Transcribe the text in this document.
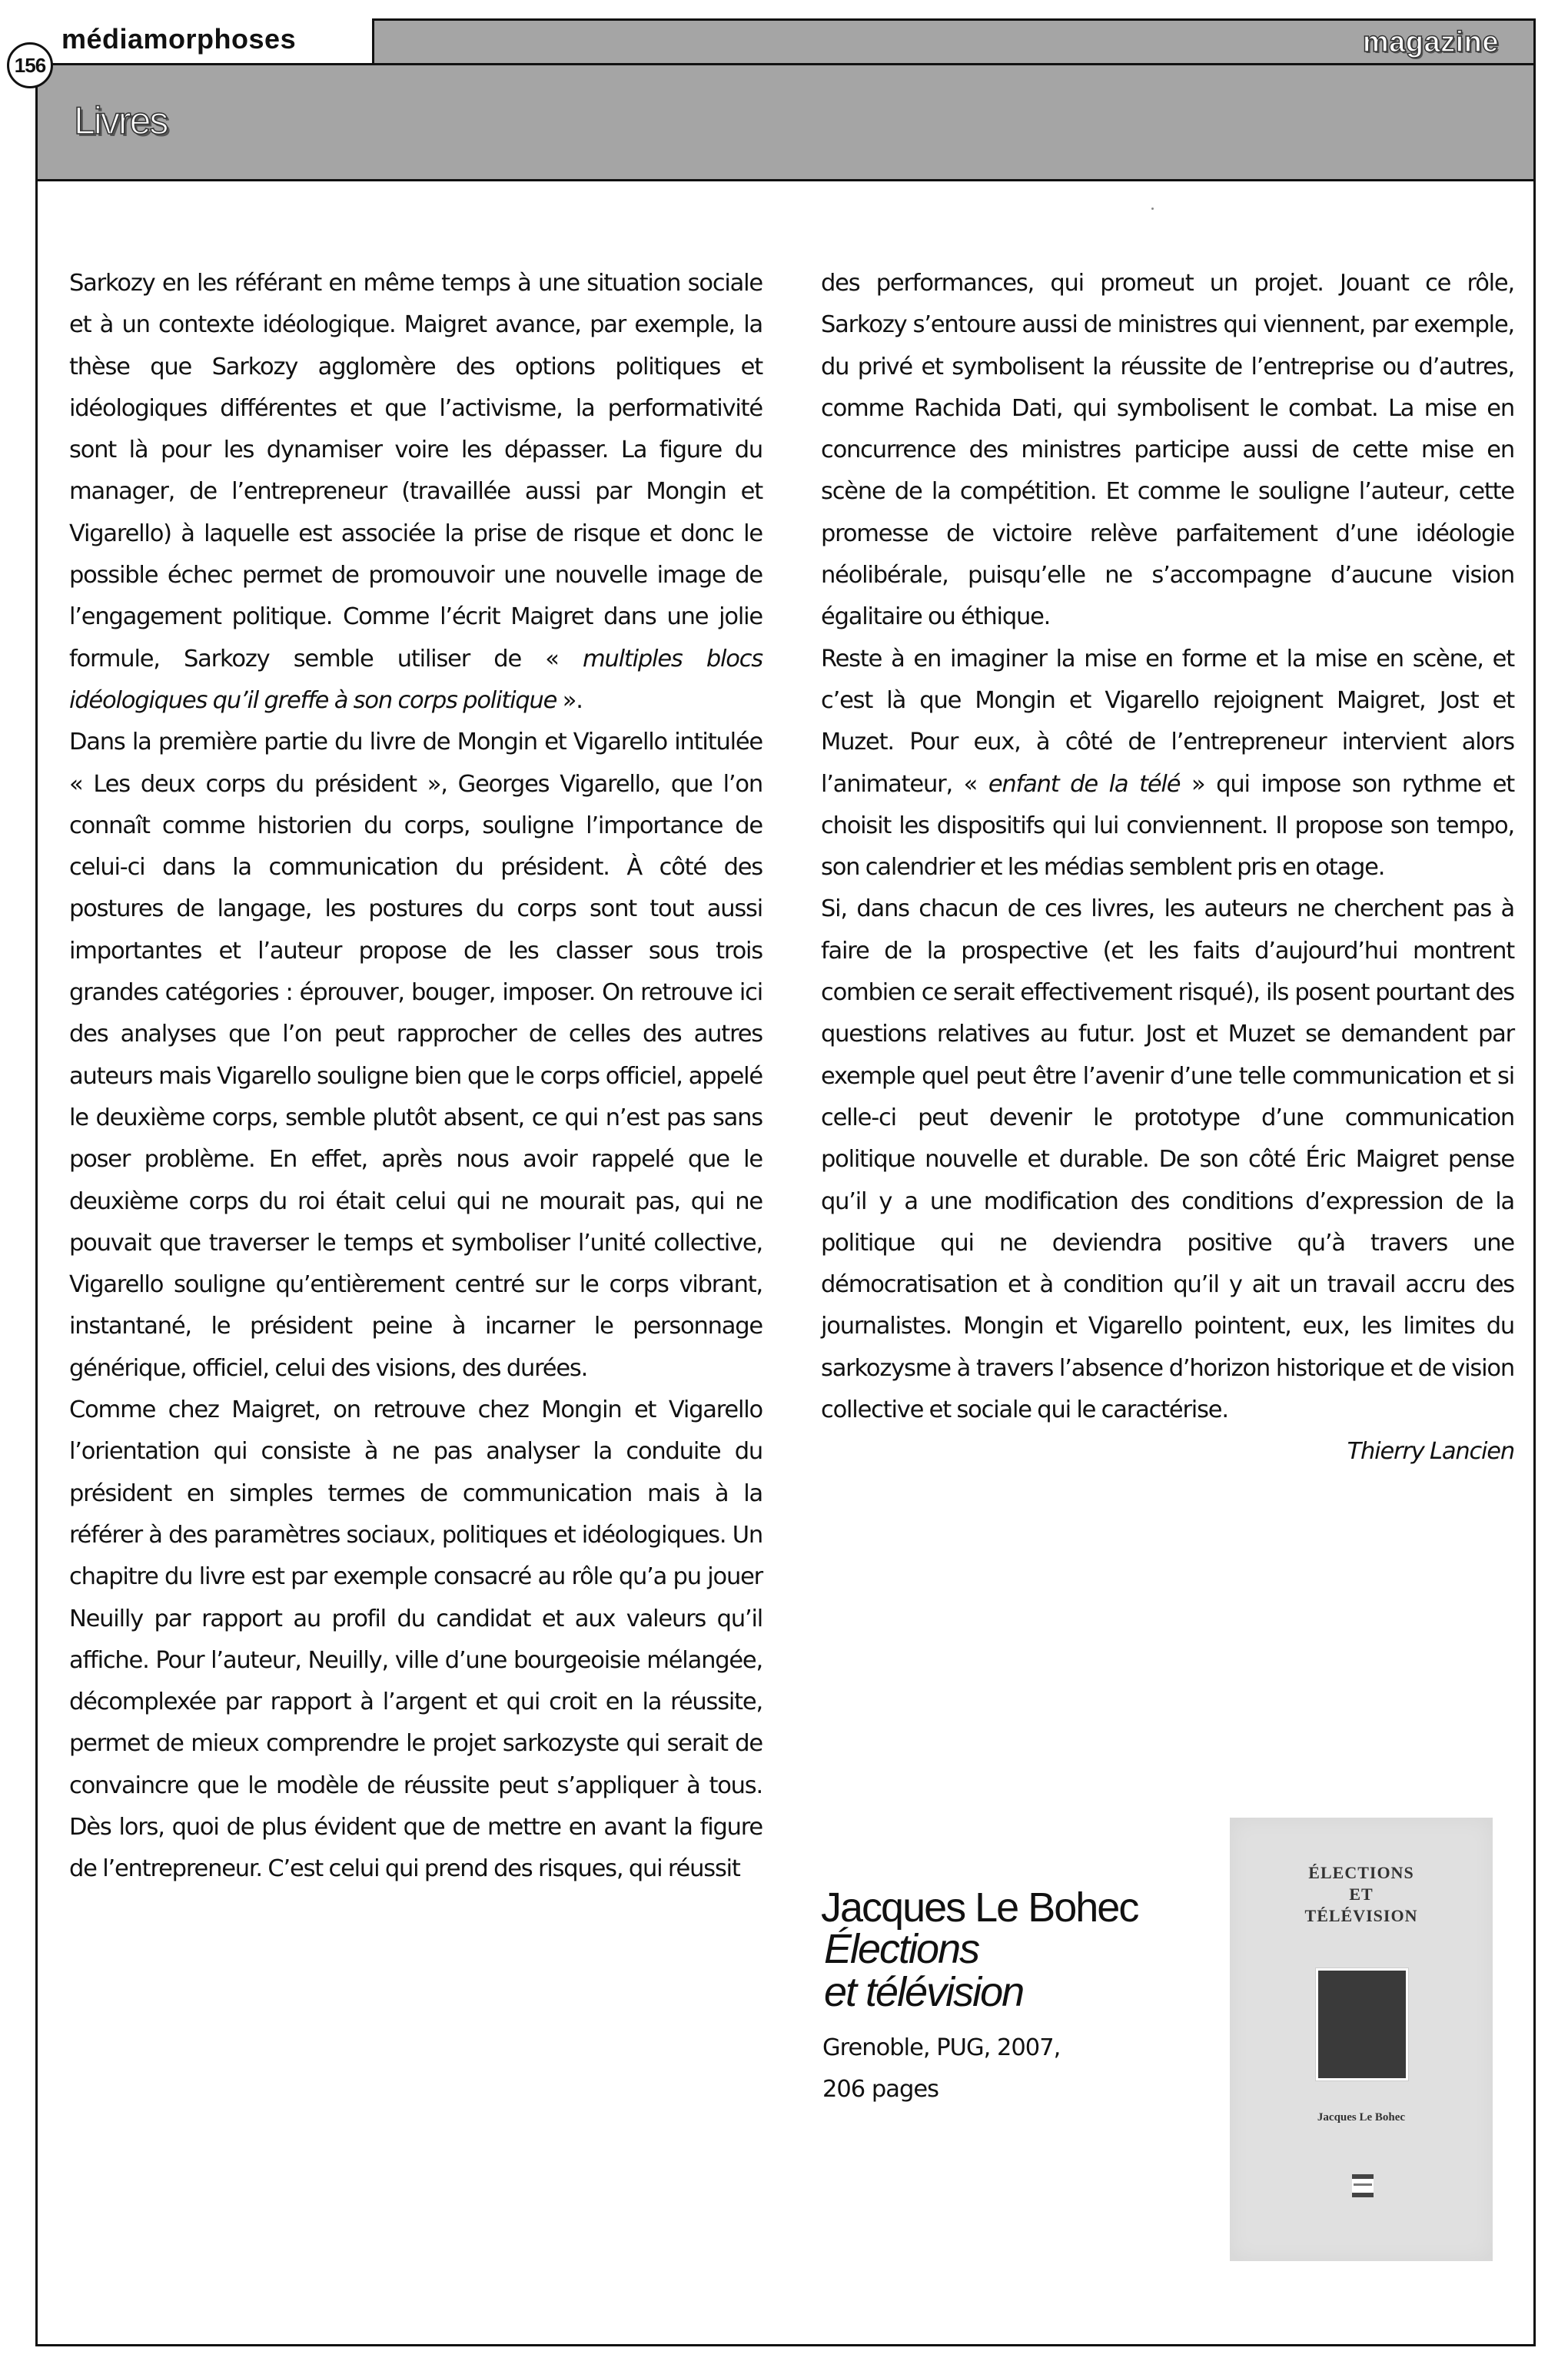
médiamorphoses
156
magazine
Livres

Sarkozy en les référant en même temps à une situation sociale et à un contexte idéologique. Maigret avance, par exemple, la thèse que Sarkozy agglomère des options politiques et idéologiques différentes et que l’activisme, la performativité sont là pour les dynamiser voire les dépasser. La figure du manager, de l’entrepreneur (travaillée aussi par Mongin et Vigarello) à laquelle est associée la prise de risque et donc le possible échec permet de promouvoir une nouvelle image de l’engagement politique. Comme l’écrit Maigret dans une jolie formule, Sarkozy semble utiliser de « multiples blocs idéologiques qu’il greffe à son corps politique ».

Dans la première partie du livre de Mongin et Vigarello intitulée « Les deux corps du président », Georges Vigarello, que l’on connaît comme historien du corps, souligne l’importance de celui-ci dans la communication du président. À côté des postures de langage, les postures du corps sont tout aussi importantes et l’auteur propose de les classer sous trois grandes catégories : éprouver, bouger, imposer. On retrouve ici des analyses que l’on peut rapprocher de celles des autres auteurs mais Vigarello souligne bien que le corps officiel, appelé le deuxième corps, semble plutôt absent, ce qui n’est pas sans poser problème. En effet, après nous avoir rappelé que le deuxième corps du roi était celui qui ne mourait pas, qui ne pouvait que traverser le temps et symboliser l’unité collective, Vigarello souligne qu’entièrement centré sur le corps vibrant, instantané, le président peine à incarner le personnage générique, officiel, celui des visions, des durées.

Comme chez Maigret, on retrouve chez Mongin et Vigarello l’orientation qui consiste à ne pas analyser la conduite du président en simples termes de communication mais à la référer à des paramètres sociaux, politiques et idéologiques. Un chapitre du livre est par exemple consacré au rôle qu’a pu jouer Neuilly par rapport au profil du candidat et aux valeurs qu’il affiche. Pour l’auteur, Neuilly, ville d’une bourgeoisie mélangée, décomplexée par rapport à l’argent et qui croit en la réussite, permet de mieux comprendre le projet sarkozyste qui serait de convaincre que le modèle de réussite peut s’appliquer à tous. Dès lors, quoi de plus évident que de mettre en avant la figure de l’entrepreneur. C’est celui qui prend des risques, qui réussit

des performances, qui promeut un projet. Jouant ce rôle, Sarkozy s’entoure aussi de ministres qui viennent, par exemple, du privé et symbolisent la réussite de l’entreprise ou d’autres, comme Rachida Dati, qui symbolisent le combat. La mise en concurrence des ministres participe aussi de cette mise en scène de la compétition. Et comme le souligne l’auteur, cette promesse de victoire relève parfaitement d’une idéologie néolibérale, puisqu’elle ne s’accompagne d’aucune vision égalitaire ou éthique.

Reste à en imaginer la mise en forme et la mise en scène, et c’est là que Mongin et Vigarello rejoignent Maigret, Jost et Muzet. Pour eux, à côté de l’entrepreneur intervient alors l’animateur, « enfant de la télé » qui impose son rythme et choisit les dispositifs qui lui conviennent. Il propose son tempo, son calendrier et les médias semblent pris en otage.

Si, dans chacun de ces livres, les auteurs ne cherchent pas à faire de la prospective (et les faits d’aujourd’hui montrent combien ce serait effectivement risqué), ils posent pourtant des questions relatives au futur. Jost et Muzet se demandent par exemple quel peut être l’avenir d’une telle communication et si celle-ci peut devenir le prototype d’une communication politique nouvelle et durable. De son côté Éric Maigret pense qu’il y a une modification des conditions d’expression de la politique qui ne deviendra positive qu’à travers une démocratisation et à condition qu’il y ait un travail accru des journalistes. Mongin et Vigarello pointent, eux, les limites du sarkozysme à travers l’absence d’horizon historique et de vision collective et sociale qui le caractérise.

Thierry Lancien

Jacques Le Bohec
Élections
et télévision
Grenoble, PUG, 2007,
206 pages
ÉLECTIONS
ET
TÉLÉVISION
Jacques Le Bohec
